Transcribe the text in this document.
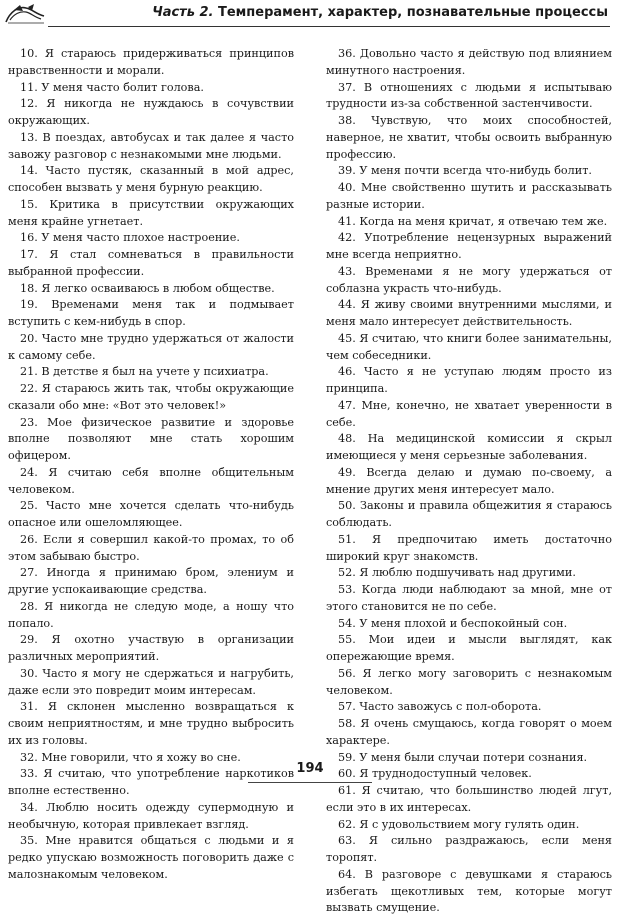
Часть 2. Темперамент, характер, познавательные процессы

10. Я стараюсь придерживаться принципов нравственности и морали.

11. У меня часто болит голова.

12. Я никогда не нуждаюсь в сочувствии окружающих.

13. В поездах, автобусах и так далее я часто завожу разговор с незнакомыми мне людьми.

14. Часто пустяк, сказанный в мой адрес, способен вызвать у меня бурную реакцию.

15. Критика в присутствии окружающих меня крайне угнетает.

16. У меня часто плохое настроение.

17. Я стал сомневаться в правильности выбранной профессии.

18. Я легко осваиваюсь в любом обществе.

19. Временами меня так и подмывает вступить с кем-нибудь в спор.

20. Часто мне трудно удержаться от жалости к самому себе.

21. В детстве я был на учете у психиатра.

22. Я стараюсь жить так, чтобы окружающие сказали обо мне: «Вот это человек!»

23. Мое физическое развитие и здоровье вполне позволяют мне стать хорошим офицером.

24. Я считаю себя вполне общительным человеком.

25. Часто мне хочется сделать что-нибудь опасное или ошеломляющее.

26. Если я совершил какой-то промах, то об этом забываю быстро.

27. Иногда я принимаю бром, элениум и другие успокаивающие средства.

28. Я никогда не следую моде, а ношу что попало.

29. Я охотно участвую в организации различных мероприятий.

30. Часто я могу не сдержаться и нагрубить, даже если это повредит моим интересам.

31. Я склонен мысленно возвращаться к своим неприятностям, и мне трудно выбросить их из головы.

32. Мне говорили, что я хожу во сне.

33. Я считаю, что употребление наркотиков вполне естественно.

34. Люблю носить одежду супермодную и необычную, которая привлекает взгляд.

35. Мне нравится общаться с людьми и я редко упускаю возможность поговорить даже с малознакомым человеком.

36. Довольно часто я действую под влиянием минутного настроения.

37. В отношениях с людьми я испытываю трудности из-за собственной застенчивости.

38. Чувствую, что моих способностей, наверное, не хватит, чтобы освоить выбранную профессию.

39. У меня почти всегда что-нибудь болит.

40. Мне свойственно шутить и рассказывать разные истории.

41. Когда на меня кричат, я отвечаю тем же.

42. Употребление нецензурных выражений мне всегда неприятно.

43. Временами я не могу удержаться от соблазна украсть что-нибудь.

44. Я живу своими внутренними мыслями, и меня мало интересует действительность.

45. Я считаю, что книги более занимательны, чем собеседники.

46. Часто я не уступаю людям просто из принципа.

47. Мне, конечно, не хватает уверенности в себе.

48. На медицинской комиссии я скрыл имеющиеся у меня серьезные заболевания.

49. Всегда делаю и думаю по-своему, а мнение других меня интересует мало.

50. Законы и правила общежития я стараюсь соблюдать.

51. Я предпочитаю иметь достаточно широкий круг знакомств.

52. Я люблю подшучивать над другими.

53. Когда люди наблюдают за мной, мне от этого становится не по себе.

54. У меня плохой и беспокойный сон.

55. Мои идеи и мысли выглядят, как опережающие время.

56. Я легко могу заговорить с незнакомым человеком.

57. Часто завожусь с пол-оборота.

58. Я очень смущаюсь, когда говорят о моем характере.

59. У меня были случаи потери сознания.

60. Я труднодоступный человек.

61. Я считаю, что большинство людей лгут, если это в их интересах.

62. Я с удовольствием могу гулять один.

63. Я сильно раздражаюсь, если меня торопят.

64. В разговоре с девушками я стараюсь избегать щекотливых тем, которые могут вызвать смущение.

194
